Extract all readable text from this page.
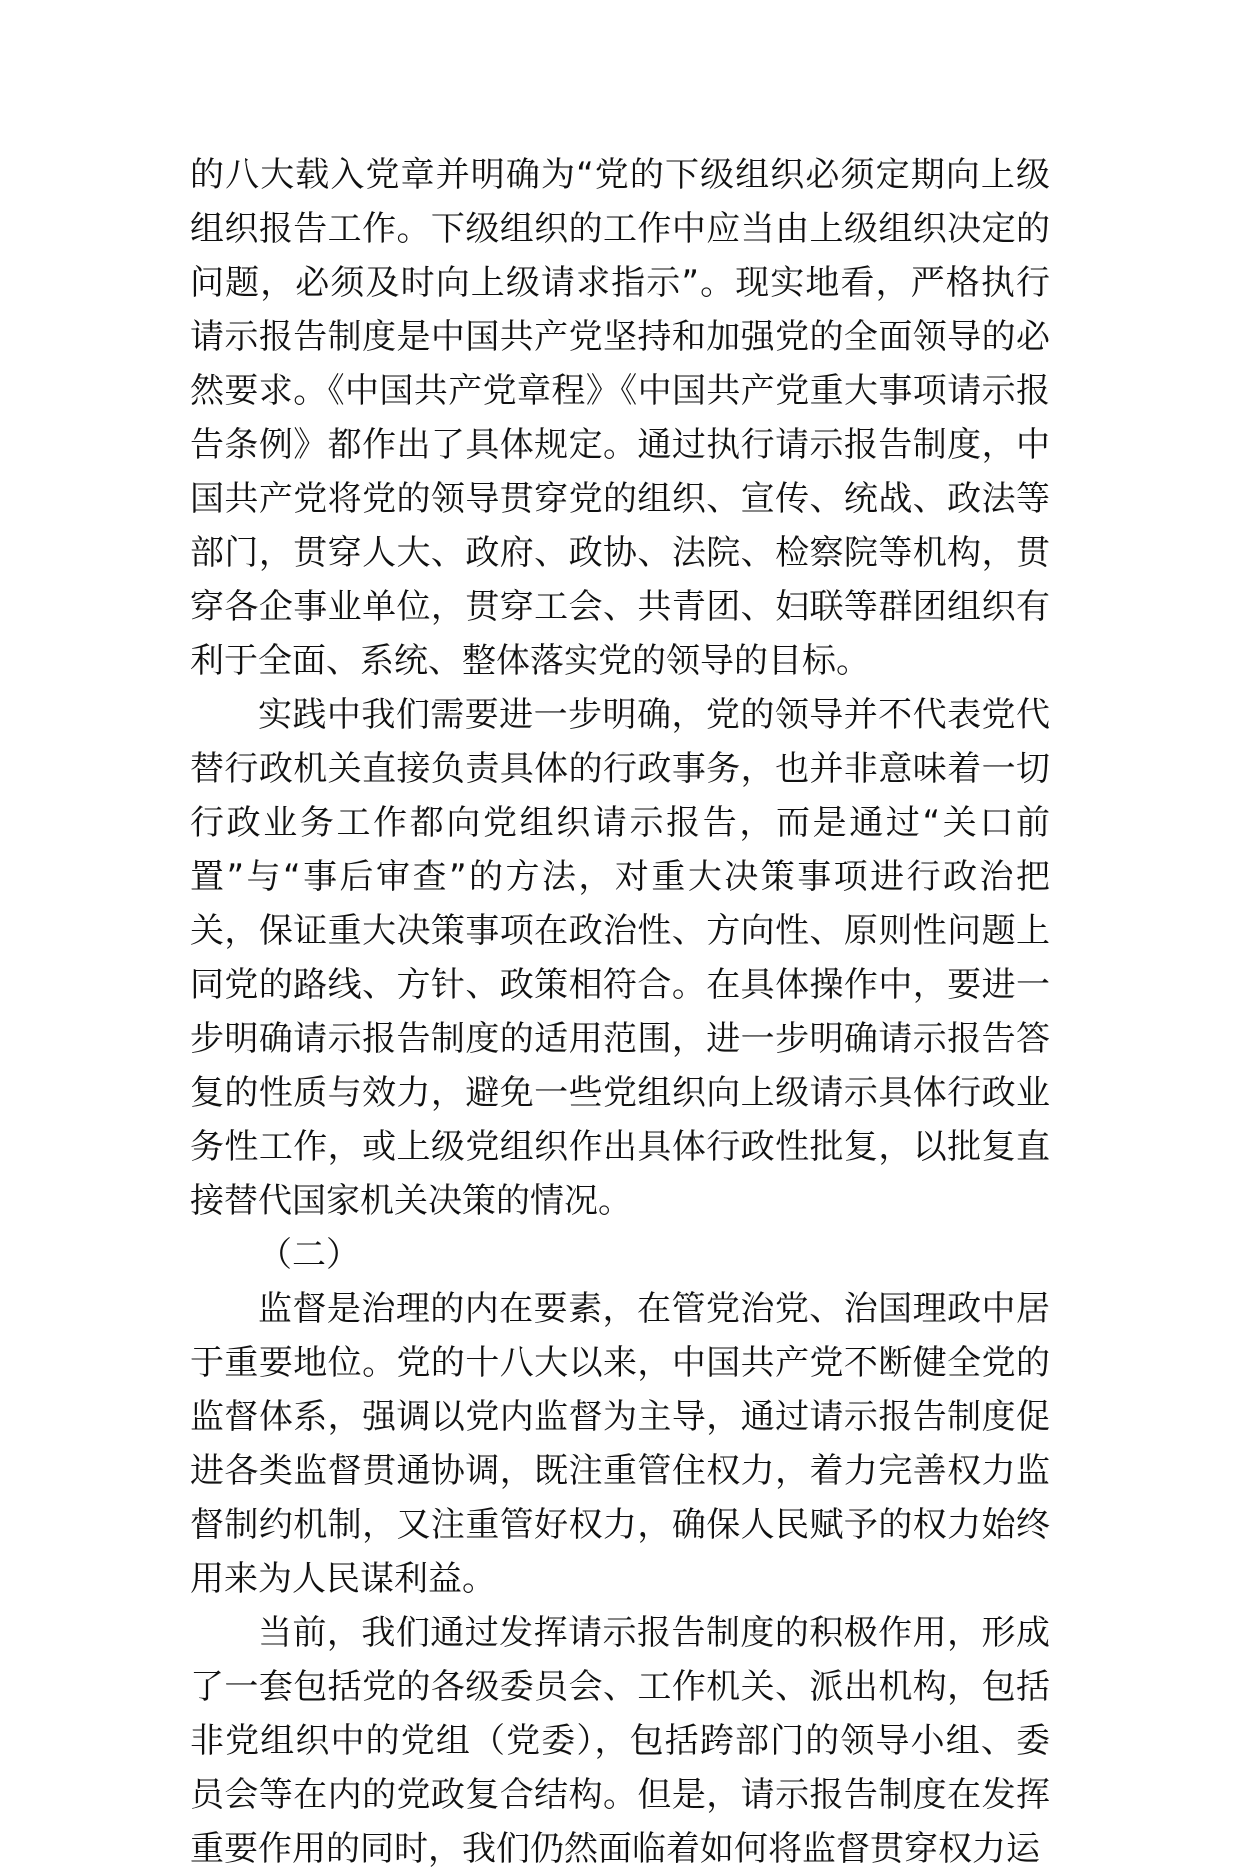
的八大载入党章并明确为“党的下级组织必须定期向上级组织报告工作。下级组织的工作中应当由上级组织决定的问题，必须及时向上级请求指示”。现实地看，严格执行请示报告制度是中国共产党坚持和加强党的全面领导的必然要求。《中国共产党章程》《中国共产党重大事项请示报告条例》都作出了具体规定。通过执行请示报告制度，中国共产党将党的领导贯穿党的组织、宣传、统战、政法等部门，贯穿人大、政府、政协、法院、检察院等机构，贯穿各企事业单位，贯穿工会、共青团、妇联等群团组织有利于全面、系统、整体落实党的领导的目标。

实践中我们需要进一步明确，党的领导并不代表党代替行政机关直接负责具体的行政事务，也并非意味着一切行政业务工作都向党组织请示报告，而是通过“关口前置”与“事后审查”的方法，对重大决策事项进行政治把关，保证重大决策事项在政治性、方向性、原则性问题上同党的路线、方针、政策相符合。在具体操作中，要进一步明确请示报告制度的适用范围，进一步明确请示报告答复的性质与效力，避免一些党组织向上级请示具体行政业务性工作，或上级党组织作出具体行政性批复，以批复直接替代国家机关决策的情况。

（二）

监督是治理的内在要素，在管党治党、治国理政中居于重要地位。党的十八大以来，中国共产党不断健全党的监督体系，强调以党内监督为主导，通过请示报告制度促进各类监督贯通协调，既注重管住权力，着力完善权力监督制约机制，又注重管好权力，确保人民赋予的权力始终用来为人民谋利益。

当前，我们通过发挥请示报告制度的积极作用，形成了一套包括党的各级委员会、工作机关、派出机构，包括非党组织中的党组（党委），包括跨部门的领导小组、委员会等在内的党政复合结构。但是，请示报告制度在发挥重要作用的同时，我们仍然面临着如何将监督贯穿权力运
